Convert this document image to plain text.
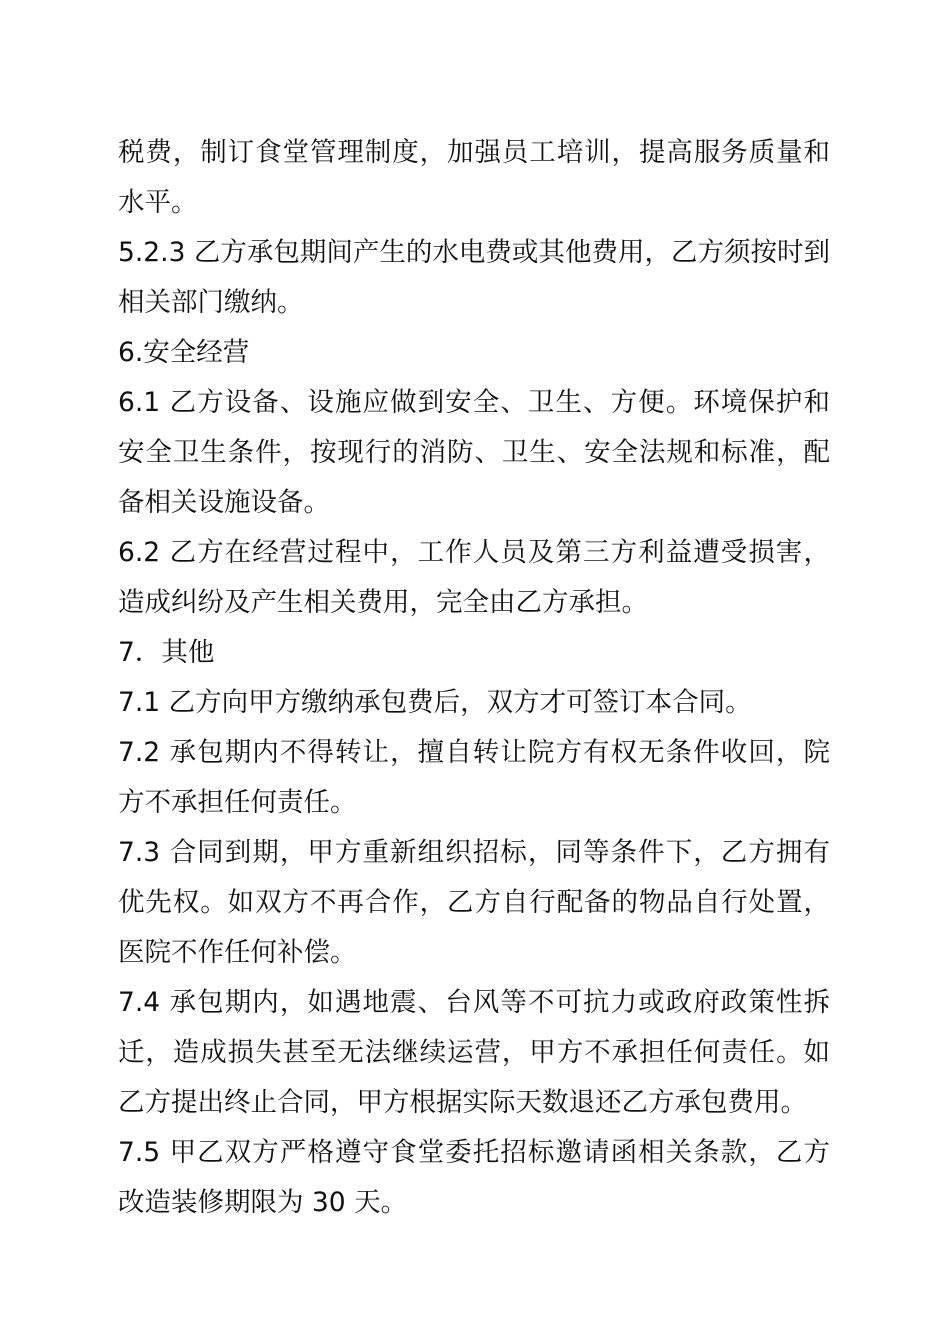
税费，制订食堂管理制度，加强员工培训，提高服务质量和水平。

5.2.3 乙方承包期间产生的水电费或其他费用，乙方须按时到相关部门缴纳。

6.安全经营

6.1 乙方设备、设施应做到安全、卫生、方便。环境保护和安全卫生条件，按现行的消防、卫生、安全法规和标准，配备相关设施设备。

6.2 乙方在经营过程中，工作人员及第三方利益遭受损害，造成纠纷及产生相关费用，完全由乙方承担。

7．其他

7.1 乙方向甲方缴纳承包费后，双方才可签订本合同。

7.2 承包期内不得转让，擅自转让院方有权无条件收回，院方不承担任何责任。

7.3 合同到期，甲方重新组织招标，同等条件下，乙方拥有优先权。如双方不再合作，乙方自行配备的物品自行处置，医院不作任何补偿。

7.4 承包期内，如遇地震、台风等不可抗力或政府政策性拆迁，造成损失甚至无法继续运营，甲方不承担任何责任。如乙方提出终止合同，甲方根据实际天数退还乙方承包费用。

7.5 甲乙双方严格遵守食堂委托招标邀请函相关条款，乙方改造装修期限为 30 天。
